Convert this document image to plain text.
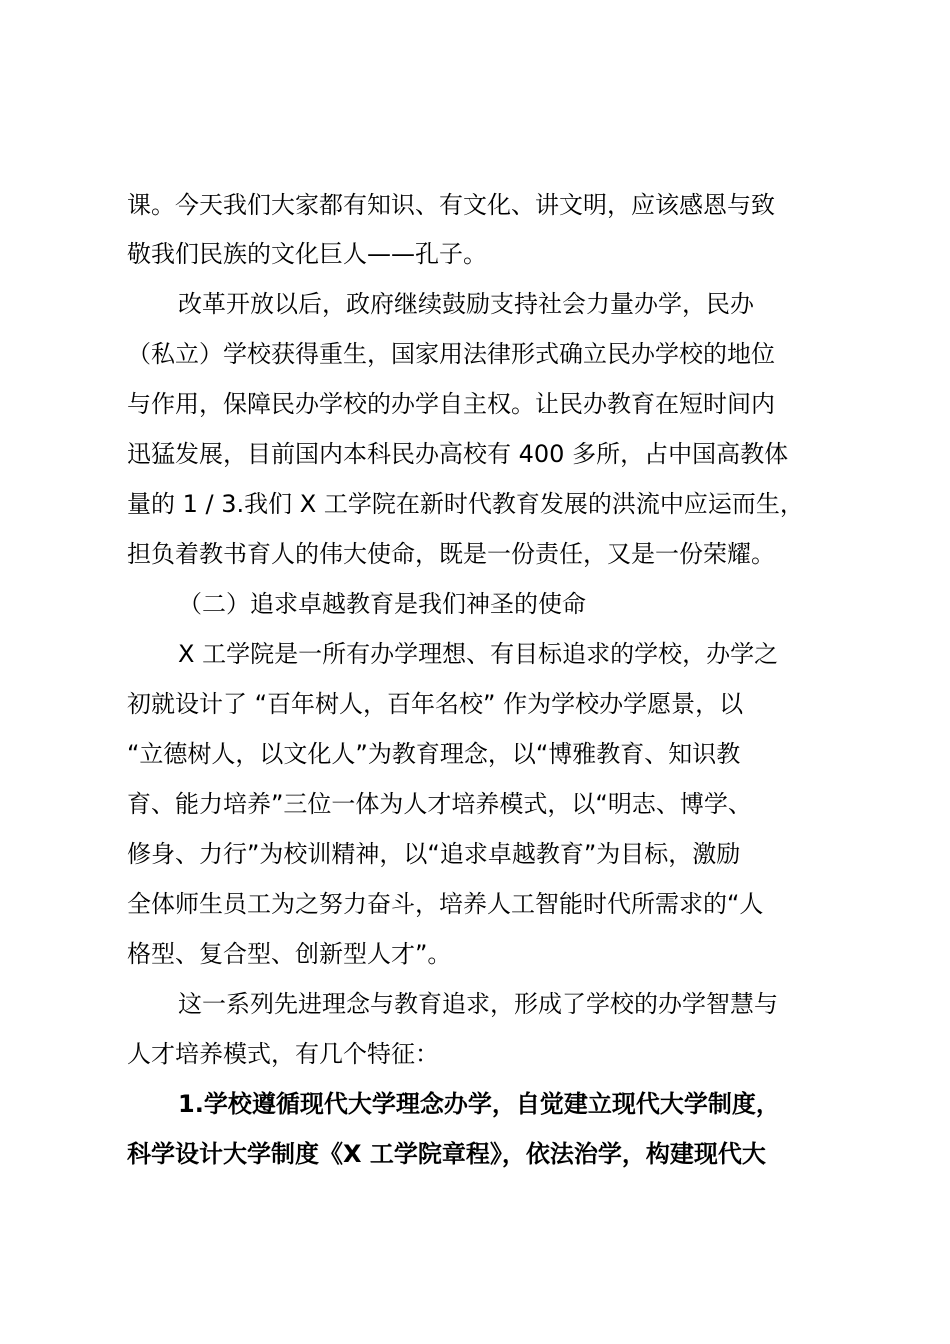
课。今天我们大家都有知识、有文化、讲文明，应该感恩与致
敬我们民族的文化巨人——孔子。
改革开放以后，政府继续鼓励支持社会力量办学，民办
（私立）学校获得重生，国家用法律形式确立民办学校的地位
与作用，保障民办学校的办学自主权。让民办教育在短时间内
迅猛发展，目前国内本科民办高校有 400 多所，占中国高教体
量的 1 / 3.我们 X 工学院在新时代教育发展的洪流中应运而生，
担负着教书育人的伟大使命，既是一份责任，又是一份荣耀。
（二）追求卓越教育是我们神圣的使命
X 工学院是一所有办学理想、有目标追求的学校，办学之
初就设计了 “百年树人，百年名校” 作为学校办学愿景，以
“立德树人，以文化人”为教育理念，以“博雅教育、知识教
育、能力培养”三位一体为人才培养模式，以“明志、博学、
修身、力行”为校训精神，以“追求卓越教育”为目标，激励
全体师生员工为之努力奋斗，培养人工智能时代所需求的“人
格型、复合型、创新型人才”。
这一系列先进理念与教育追求，形成了学校的办学智慧与
人才培养模式，有几个特征：
1.学校遵循现代大学理念办学，自觉建立现代大学制度，
科学设计大学制度《X 工学院章程》，依法治学，构建现代大
